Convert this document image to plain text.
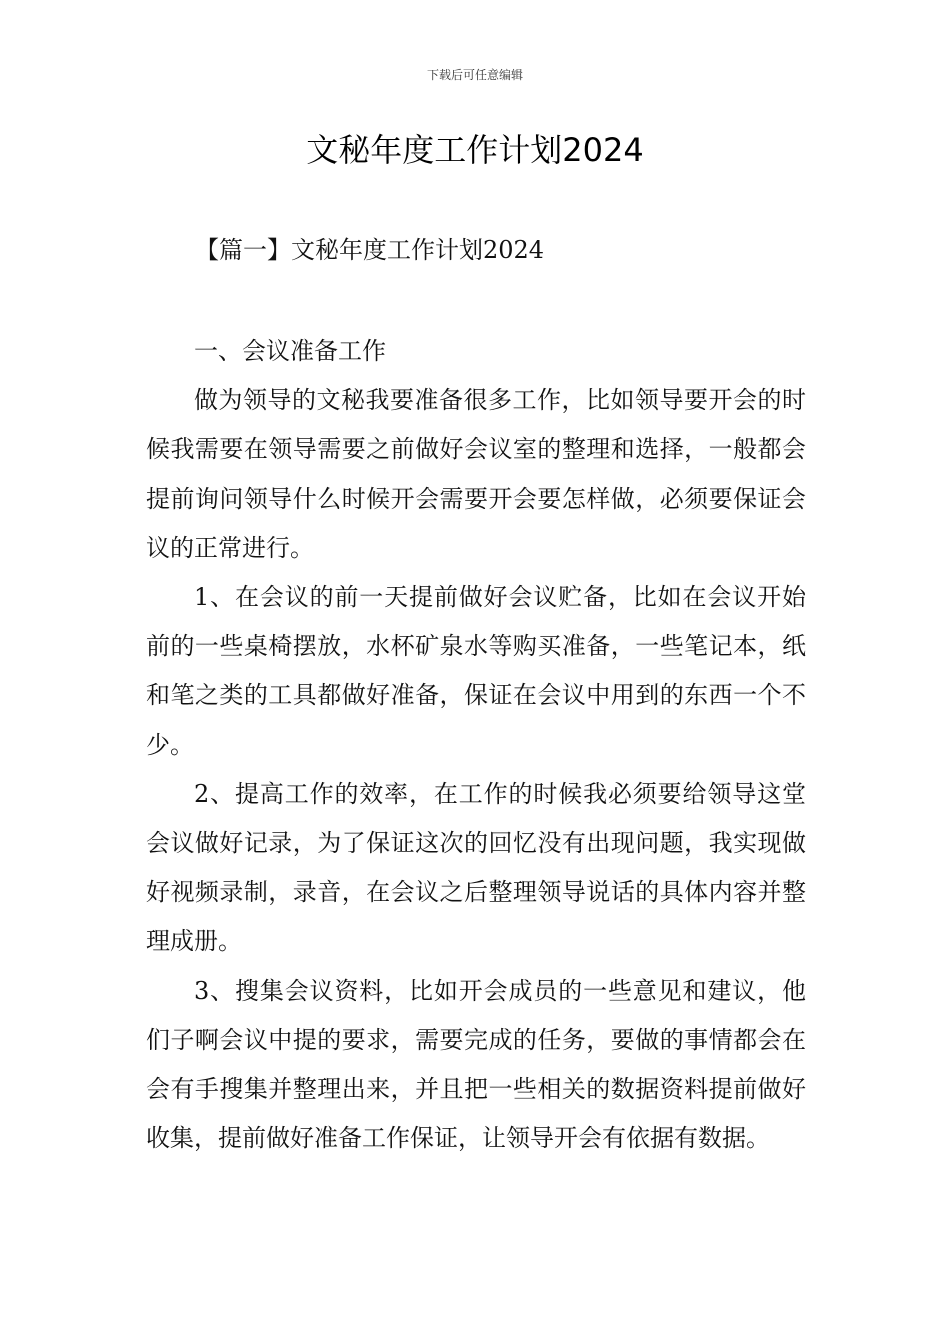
下载后可任意编辑
文秘年度工作计划2024
【篇一】文秘年度工作计划2024

一、会议准备工作

做为领导的文秘我要准备很多工作，比如领导要开会的时候我需要在领导需要之前做好会议室的整理和选择，一般都会提前询问领导什么时候开会需要开会要怎样做，必须要保证会议的正常进行。

1、在会议的前一天提前做好会议贮备，比如在会议开始前的一些桌椅摆放，水杯矿泉水等购买准备，一些笔记本，纸和笔之类的工具都做好准备，保证在会议中用到的东西一个不少。

2、提高工作的效率，在工作的时候我必须要给领导这堂会议做好记录，为了保证这次的回忆没有出现问题，我实现做好视频录制，录音，在会议之后整理领导说话的具体内容并整理成册。

3、搜集会议资料，比如开会成员的一些意见和建议，他们子啊会议中提的要求，需要完成的任务，要做的事情都会在会有手搜集并整理出来，并且把一些相关的数据资料提前做好收集，提前做好准备工作保证，让领导开会有依据有数据。
